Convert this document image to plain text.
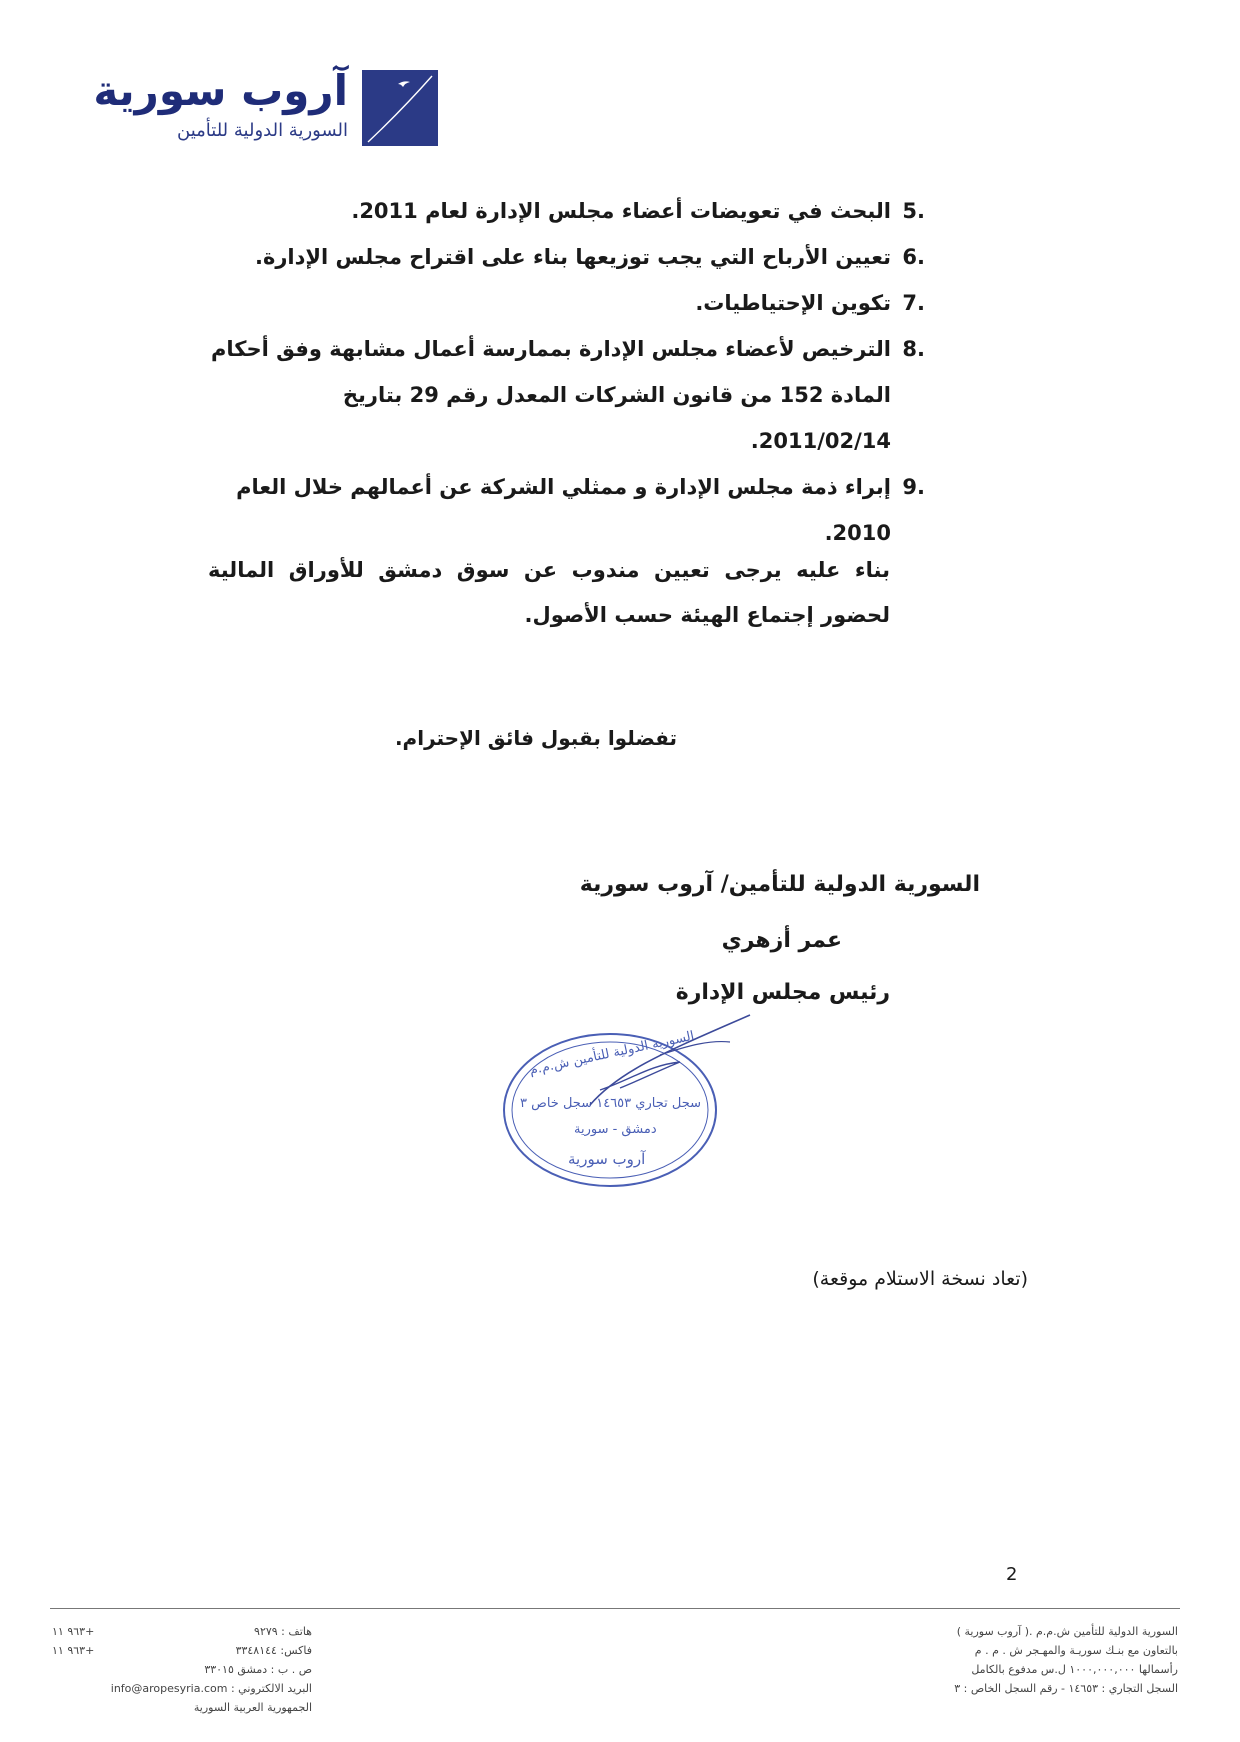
آروب سورية
السورية الدولية للتأمين
5.
البحث في تعويضات أعضاء مجلس الإدارة لعام 2011.
6.
تعيين الأرباح التي يجب توزيعها بناء على اقتراح مجلس الإدارة.
7.
تكوين الإحتياطيات.
8.
الترخيص لأعضاء مجلس الإدارة بممارسة أعمال مشابهة وفق أحكام المادة 152 من قانون الشركات المعدل رقم 29 بتاريخ 2011/02/14.
9.
إبراء ذمة مجلس الإدارة و ممثلي الشركة عن أعمالهم خلال العام 2010.

بناء عليه يرجى تعيين مندوب عن سوق دمشق للأوراق المالية لحضور إجتماع الهيئة حسب الأصول.

تفضلوا بقبول فائق الإحترام.

السورية الدولية للتأمين/ آروب سورية
عمر أزهري
رئيس مجلس الإدارة
السورية الدولية للتأمين ش.م.م
سجل تجاري ١٤٦٥٣ سجل خاص ٣
دمشق - سورية
آروب سورية

(تعاد نسخة الاستلام موقعة)

2
السورية الدولية للتأمين ش.م.م .( آروب سورية )
بالتعاون مع بنـك سوريـة والمهـجر ش . م . م
رأسمالها ١٠٠٠,٠٠٠,٠٠٠ ل.س مدفوع بالكامل
السجل التجاري : ١٤٦٥٣ - رقم السجل الخاص : ٣
هاتف : ٩٢٧٩
+٩٦٣ ١١
فاكس: ٣٣٤٨١٤٤
+٩٦٣ ١١
ص . ب : دمشق ٣٣٠١٥
البريد الالكتروني : info@aropesyria.com
الجمهورية العربية السورية
